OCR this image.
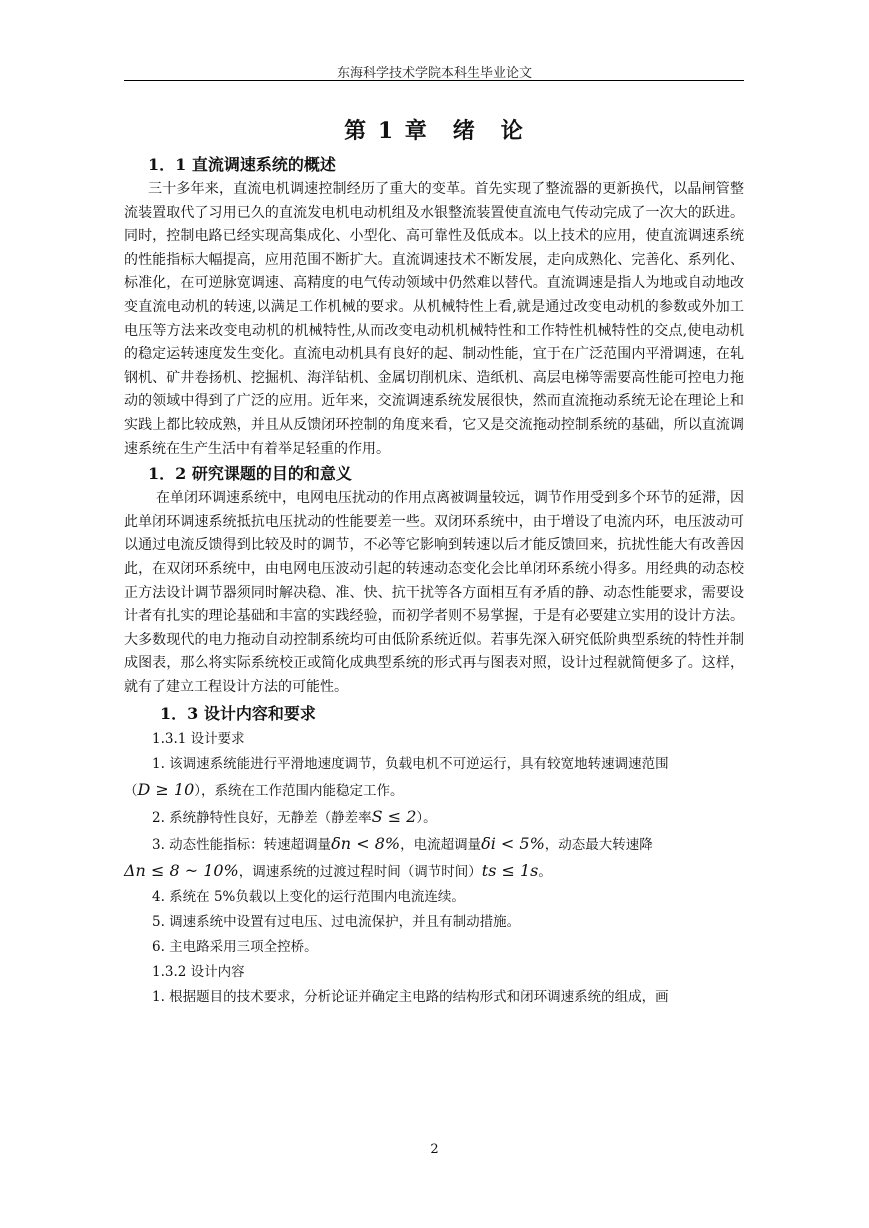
东海科学技术学院本科生毕业论文
第 1 章　绪　论

1．1 直流调速系统的概述

三十多年来，直流电机调速控制经历了重大的变革。首先实现了整流器的更新换代，以晶闸管整流装置取代了习用已久的直流发电机电动机组及水银整流装置使直流电气传动完成了一次大的跃进。同时，控制电路已经实现高集成化、小型化、高可靠性及低成本。以上技术的应用，使直流调速系统的性能指标大幅提高，应用范围不断扩大。直流调速技术不断发展，走向成熟化、完善化、系列化、标准化，在可逆脉宽调速、高精度的电气传动领域中仍然难以替代。直流调速是指人为地或自动地改变直流电动机的转速,以满足工作机械的要求。从机械特性上看,就是通过改变电动机的参数或外加工电压等方法来改变电动机的机械特性,从而改变电动机机械特性和工作特性机械特性的交点,使电动机的稳定运转速度发生变化。直流电动机具有良好的起、制动性能，宜于在广泛范围内平滑调速，在轧钢机、矿井卷扬机、挖掘机、海洋钻机、金属切削机床、造纸机、高层电梯等需要高性能可控电力拖动的领域中得到了广泛的应用。近年来，交流调速系统发展很快，然而直流拖动系统无论在理论上和实践上都比较成熟，并且从反馈闭环控制的角度来看，它又是交流拖动控制系统的基础，所以直流调速系统在生产生活中有着举足轻重的作用。

1．2 研究课题的目的和意义

在单闭环调速系统中，电网电压扰动的作用点离被调量较远，调节作用受到多个环节的延滞，因此单闭环调速系统抵抗电压扰动的性能要差一些。双闭环系统中，由于增设了电流内环，电压波动可以通过电流反馈得到比较及时的调节，不必等它影响到转速以后才能反馈回来，抗扰性能大有改善因此，在双闭环系统中，由电网电压波动引起的转速动态变化会比单闭环系统小得多。用经典的动态校正方法设计调节器须同时解决稳、准、快、抗干扰等各方面相互有矛盾的静、动态性能要求，需要设计者有扎实的理论基础和丰富的实践经验，而初学者则不易掌握，于是有必要建立实用的设计方法。大多数现代的电力拖动自动控制系统均可由低阶系统近似。若事先深入研究低阶典型系统的特性并制成图表，那么将实际系统校正或简化成典型系统的形式再与图表对照，设计过程就简便多了。这样，就有了建立工程设计方法的可能性。

1．3 设计内容和要求

1.3.1 设计要求

1. 该调速系统能进行平滑地速度调节，负载电机不可逆运行，具有较宽地转速调速范围

（D ≥ 10），系统在工作范围内能稳定工作。

2. 系统静特性良好，无静差（静差率S ≤ 2）。

3. 动态性能指标：转速超调量δn < 8%，电流超调量δi < 5%，动态最大转速降

Δn ≤ 8 ~ 10%，调速系统的过渡过程时间（调节时间）ts ≤ 1s。

4. 系统在 5%负载以上变化的运行范围内电流连续。

5. 调速系统中设置有过电压、过电流保护，并且有制动措施。

6. 主电路采用三项全控桥。

1.3.2 设计内容

1. 根据题目的技术要求，分析论证并确定主电路的结构形式和闭环调速系统的组成，画

2
